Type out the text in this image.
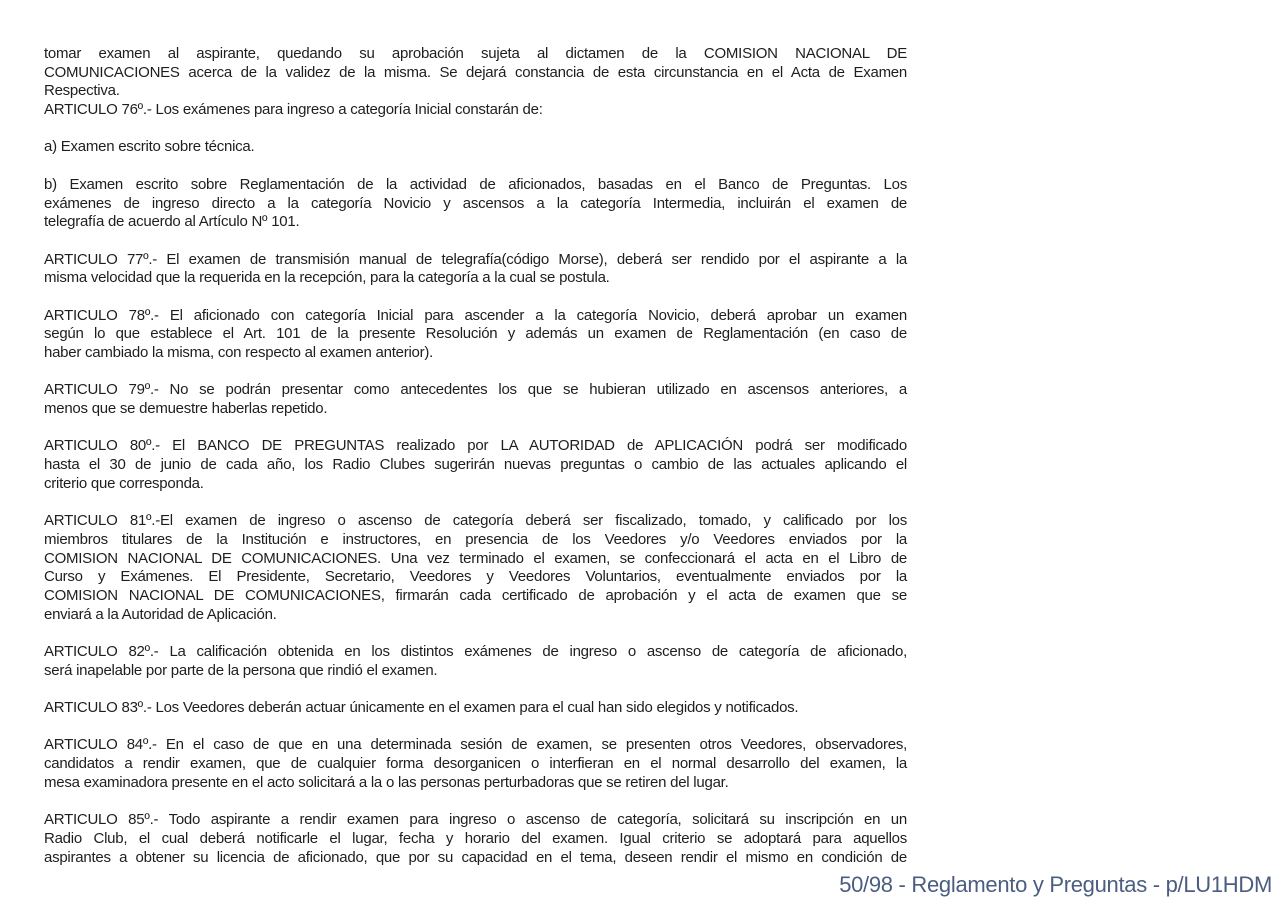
tomar examen al aspirante, quedando su aprobación sujeta al dictamen de la COMISION NACIONAL DE
COMUNICACIONES acerca de la validez de la misma. Se dejará constancia de esta circunstancia en el Acta de Examen
Respectiva.
ARTICULO 76º.- Los exámenes para ingreso a categoría Inicial constarán de:
a) Examen escrito sobre técnica.
b) Examen escrito sobre Reglamentación de la actividad de aficionados, basadas en el Banco de Preguntas. Los
exámenes de ingreso directo a la categoría Novicio y ascensos a la categoría Intermedia, incluirán el examen de
telegrafía de acuerdo al Artículo Nº 101.
ARTICULO 77º.- El examen de transmisión manual de telegrafía(código Morse), deberá ser rendido por el aspirante a la
misma velocidad que la requerida en la recepción, para la categoría a la cual se postula.
ARTICULO 78º.- El aficionado con categoría Inicial para ascender a la categoría Novicio, deberá aprobar un examen
según lo que establece el Art. 101 de la presente Resolución y además un examen de Reglamentación (en caso de
haber cambiado la misma, con respecto al examen anterior).
ARTICULO 79º.- No se podrán presentar como antecedentes los que se hubieran utilizado en ascensos anteriores, a
menos que se demuestre haberlas repetido.
ARTICULO 80º.- El BANCO DE PREGUNTAS realizado por LA AUTORIDAD de APLICACIÓN podrá ser modificado
hasta el 30 de junio de cada año, los Radio Clubes sugerirán nuevas preguntas o cambio de las actuales aplicando el
criterio que corresponda.
ARTICULO 81º.-El examen de ingreso o ascenso de categoría deberá ser fiscalizado, tomado, y calificado por los
miembros titulares de la Institución e instructores, en presencia de los Veedores y/o Veedores enviados por la
COMISION NACIONAL DE COMUNICACIONES. Una vez terminado el examen, se confeccionará el acta en el Libro de
Curso y Exámenes. El Presidente, Secretario, Veedores y Veedores Voluntarios, eventualmente enviados por la
COMISION NACIONAL DE COMUNICACIONES, firmarán cada certificado de aprobación y el acta de examen que se
enviará a la Autoridad de Aplicación.
ARTICULO 82º.- La calificación obtenida en los distintos exámenes de ingreso o ascenso de categoría de aficionado,
será inapelable por parte de la persona que rindió el examen.
ARTICULO 83º.- Los Veedores deberán actuar únicamente en el examen para el cual han sido elegidos y notificados.
ARTICULO 84º.- En el caso de que en una determinada sesión de examen, se presenten otros Veedores, observadores,
candidatos a rendir examen, que de cualquier forma desorganicen o interfieran en el normal desarrollo del examen, la
mesa examinadora presente en el acto solicitará a la o las personas perturbadoras que se retiren del lugar.
ARTICULO 85º.- Todo aspirante a rendir examen para ingreso o ascenso de categoría, solicitará su inscripción en un
Radio Club, el cual deberá notificarle el lugar, fecha y horario del examen. Igual criterio se adoptará para aquellos
aspirantes a obtener su licencia de aficionado, que por su capacidad en el tema, deseen rendir el mismo en condición de
50/98 - Reglamento y Preguntas - p/LU1HDM
